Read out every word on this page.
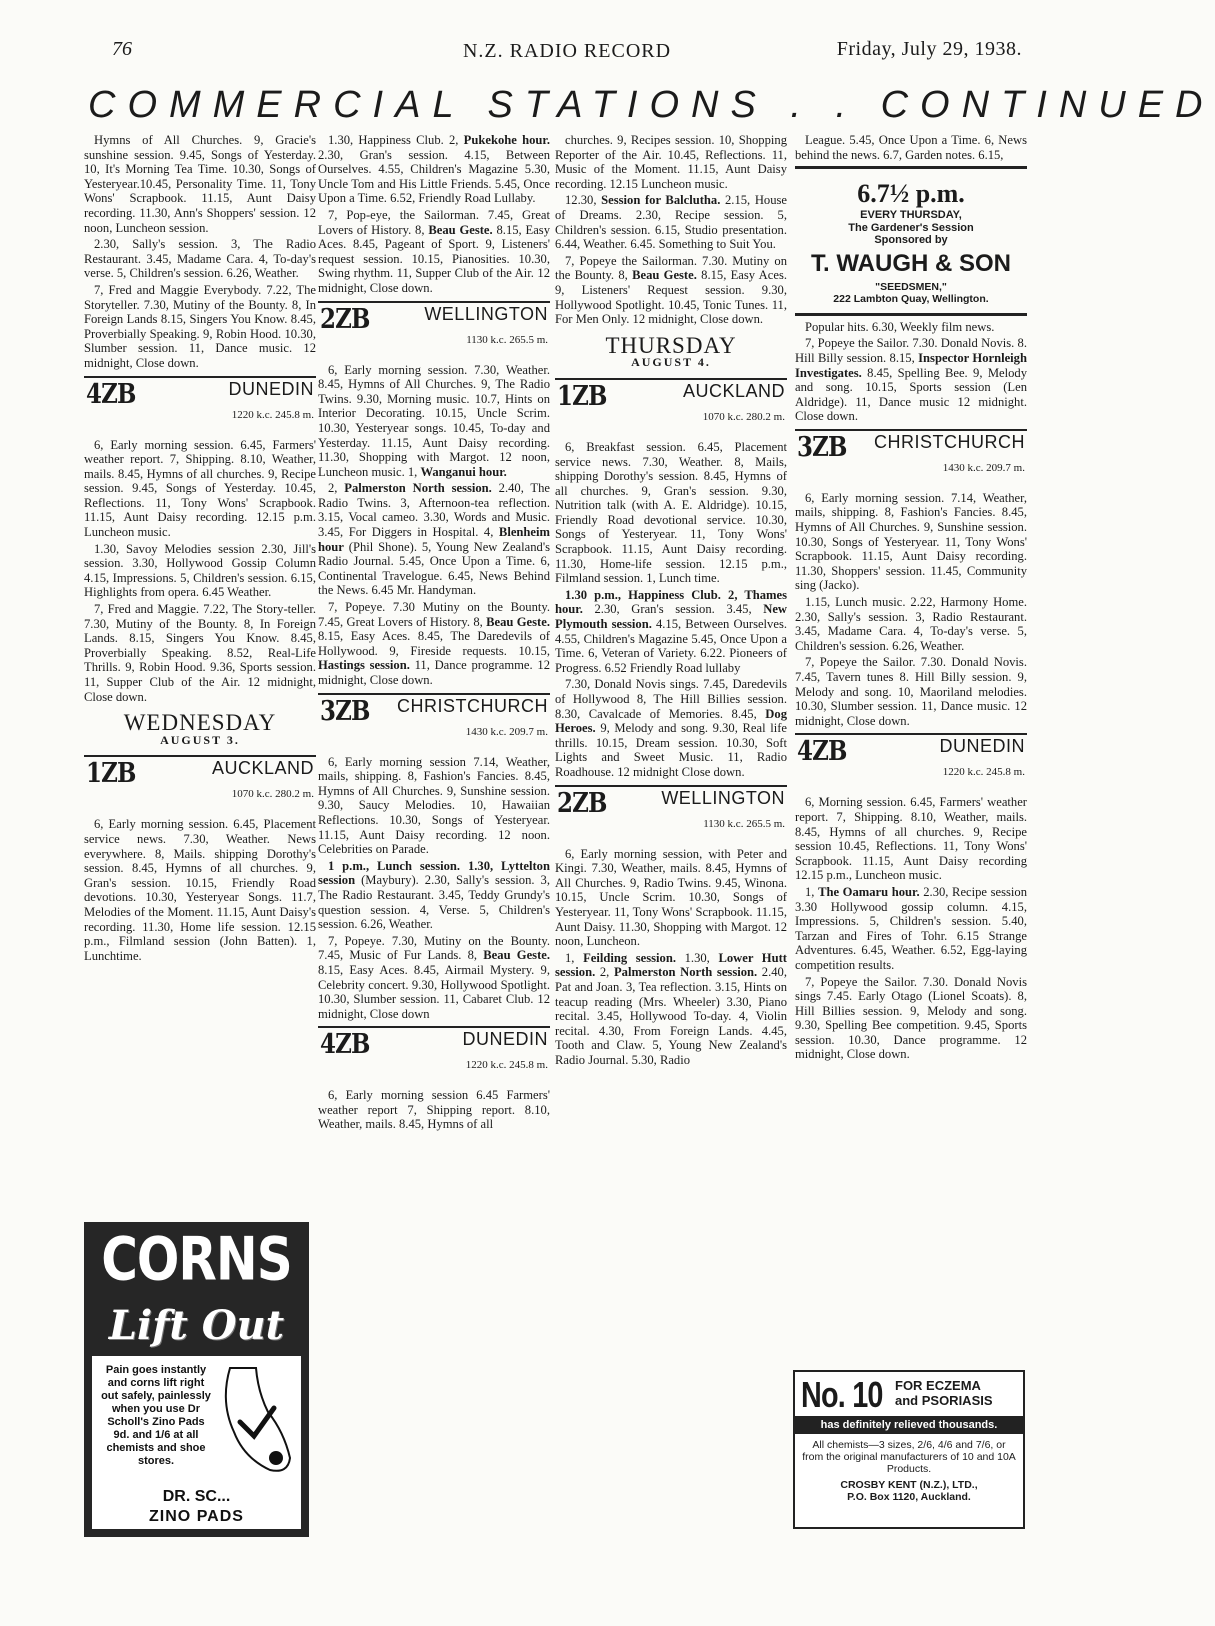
76	N.Z. RADIO RECORD	Friday, July 29, 1938.
COMMERCIAL STATIONS . . CONTINUED

Hymns of All Churches. 9, Gracie's sunshine session. 9.45, Songs of Yesterday. 10, It's Morning Tea Time. 10.30, Songs of Yesteryear.10.45, Personality Time. 11, Tony Wons' Scrapbook. 11.15, Aunt Daisy recording. 11.30, Ann's Shoppers' session. 12 noon, Luncheon session.

2.30, Sally's session. 3, The Radio Restaurant. 3.45, Madame Cara. 4, To-day's verse. 5, Children's session. 6.26, Weather.

7, Fred and Maggie Everybody. 7.22, The Storyteller. 7.30, Mutiny of the Bounty. 8, In Foreign Lands 8.15, Singers You Know. 8.45, Proverbially Speaking. 9, Robin Hood. 10.30, Slumber session. 11, Dance music. 12 midnight, Close down.

4ZB	DUNEDIN
1220 k.c. 245.8 m.

6, Early morning session. 6.45, Farmers' weather report. 7, Shipping. 8.10, Weather, mails. 8.45, Hymns of all churches. 9, Recipe session. 9.45, Songs of Yesterday. 10.45, Reflections. 11, Tony Wons' Scrapbook. 11.15, Aunt Daisy recording. 12.15 p.m. Luncheon music.

1.30, Savoy Melodies session 2.30, Jill's session. 3.30, Hollywood Gossip Column 4.15, Impressions. 5, Children's session. 6.15, Highlights from opera. 6.45 Weather.

7, Fred and Maggie. 7.22, The Story-teller. 7.30, Mutiny of the Bounty. 8, In Foreign Lands. 8.15, Singers You Know. 8.45, Proverbially Speaking. 8.52, Real-Life Thrills. 9, Robin Hood. 9.36, Sports session. 11, Supper Club of the Air. 12 midnight, Close down.

WEDNESDAY
AUGUST 3.
1ZB	AUCKLAND
1070 k.c. 280.2 m.

6, Early morning session. 6.45, Placement service news. 7.30, Weather. News everywhere. 8, Mails. shipping Dorothy's session. 8.45, Hymns of all churches. 9, Gran's session. 10.15, Friendly Road devotions. 10.30, Yesteryear Songs. 11.7, Melodies of the Moment. 11.15, Aunt Daisy's recording. 11.30, Home life session. 12.15 p.m., Filmland session (John Batten). 1, Lunchtime.

1.30, Happiness Club. 2, Pukekohe hour. 2.30, Gran's session. 4.15, Between Ourselves. 4.55, Children's Magazine 5.30, Uncle Tom and His Little Friends. 5.45, Once Upon a Time. 6.52, Friendly Road Lullaby.

7, Pop-eye, the Sailorman. 7.45, Great Lovers of History. 8, Beau Geste. 8.15, Easy Aces. 8.45, Pageant of Sport. 9, Listeners' request session. 10.15, Pianosities. 10.30, Swing rhythm. 11, Supper Club of the Air. 12 midnight, Close down.

2ZB	WELLINGTON
1130 k.c. 265.5 m.

6, Early morning session. 7.30, Weather. 8.45, Hymns of All Churches. 9, The Radio Twins. 9.30, Morning music. 10.7, Hints on Interior Decorating. 10.15, Uncle Scrim. 10.30, Yesteryear songs. 10.45, To-day and Yesterday. 11.15, Aunt Daisy recording. 11.30, Shopping with Margot. 12 noon, Luncheon music. 1, Wanganui hour.

2, Palmerston North session. 2.40, The Radio Twins. 3, Afternoon-tea reflection. 3.15, Vocal cameo. 3.30, Words and Music. 3.45, For Diggers in Hospital. 4, Blenheim hour (Phil Shone). 5, Young New Zealand's Radio Journal. 5.45, Once Upon a Time. 6, Continental Travelogue. 6.45, News Behind the News. 6.45 Mr. Handyman.

7, Popeye. 7.30 Mutiny on the Bounty. 7.45, Great Lovers of History. 8, Beau Geste. 8.15, Easy Aces. 8.45, The Daredevils of Hollywood. 9, Fireside requests. 10.15, Hastings session. 11, Dance programme. 12 midnight, Close down.

3ZB CHRISTCHURCH
1430 k.c. 209.7 m.

6, Early morning session 7.14, Weather, mails, shipping. 8, Fashion's Fancies. 8.45, Hymns of All Churches. 9, Sunshine session. 9.30, Saucy Melodies. 10, Hawaiian Reflections. 10.30, Songs of Yesteryear. 11.15, Aunt Daisy recording. 12 noon. Celebrities on Parade.

1 p.m., Lunch session. 1.30, Lyttelton session (Maybury). 2.30, Sally's session. 3, The Radio Restaurant. 3.45, Teddy Grundy's question session. 4, Verse. 5, Children's session. 6.26, Weather.

7, Popeye. 7.30, Mutiny on the Bounty. 7.45, Music of Fur Lands. 8, Beau Geste. 8.15, Easy Aces. 8.45, Airmail Mystery. 9, Celebrity concert. 9.30, Hollywood Spotlight. 10.30, Slumber session. 11, Cabaret Club. 12 midnight, Close down

4ZB	DUNEDIN
1220 k.c. 245.8 m.

6, Early morning session 6.45 Farmers' weather report 7, Shipping report. 8.10, Weather, mails. 8.45, Hymns of all

churches. 9, Recipes session. 10, Shopping Reporter of the Air. 10.45, Reflections. 11, Music of the Moment. 11.15, Aunt Daisy recording. 12.15 Luncheon music.

12.30, Session for Balclutha. 2.15, House of Dreams. 2.30, Recipe session. 5, Children's session. 6.15, Studio presentation. 6.44, Weather. 6.45. Something to Suit You.

7, Popeye the Sailorman. 7.30. Mutiny on the Bounty. 8, Beau Geste. 8.15, Easy Aces. 9, Listeners' Request session. 9.30, Hollywood Spotlight. 10.45, Tonic Tunes. 11, For Men Only. 12 midnight, Close down.

THURSDAY
AUGUST 4.
1ZB	AUCKLAND
1070 k.c. 280.2 m.

6, Breakfast session. 6.45, Placement service news. 7.30, Weather. 8, Mails, shipping Dorothy's session. 8.45, Hymns of all churches. 9, Gran's session. 9.30, Nutrition talk (with A. E. Aldridge). 10.15, Friendly Road devotional service. 10.30, Songs of Yesteryear. 11, Tony Wons' Scrapbook. 11.15, Aunt Daisy recording. 11.30, Home-life session. 12.15 p.m., Filmland session. 1, Lunch time.

1.30 p.m., Happiness Club. 2, Thames hour. 2.30, Gran's session. 3.45, New Plymouth session. 4.15, Between Ourselves. 4.55, Children's Magazine 5.45, Once Upon a Time. 6, Veteran of Variety. 6.22. Pioneers of Progress. 6.52 Friendly Road lullaby

7.30, Donald Novis sings. 7.45, Daredevils of Hollywood 8, The Hill Billies session. 8.30, Cavalcade of Memories. 8.45, Dog Heroes. 9, Melody and song. 9.30, Real life thrills. 10.15, Dream session. 10.30, Soft Lights and Sweet Music. 11, Radio Roadhouse. 12 midnight Close down.

2ZB	WELLINGTON
1130 k.c. 265.5 m.

6, Early morning session, with Peter and Kingi. 7.30, Weather, mails. 8.45, Hymns of All Churches. 9, Radio Twins. 9.45, Winona. 10.15, Uncle Scrim. 10.30, Songs of Yesteryear. 11, Tony Wons' Scrapbook. 11.15, Aunt Daisy. 11.30, Shopping with Margot. 12 noon, Luncheon.

1, Feilding session. 1.30, Lower Hutt session. 2, Palmerston North session. 2.40, Pat and Joan. 3, Tea reflection. 3.15, Hints on teacup reading (Mrs. Wheeler) 3.30, Piano recital. 3.45, Hollywood To-day. 4, Violin recital. 4.30, From Foreign Lands. 4.45, Tooth and Claw. 5, Young New Zealand's Radio Journal. 5.30, Radio

League. 5.45, Once Upon a Time. 6, News behind the news. 6.7, Garden notes. 6.15,

6.7½ p.m.
EVERY THURSDAY,
The Gardener's Session
Sponsored by
T. WAUGH & SON
"SEEDSMEN,"
222 Lambton Quay, Wellington.

Popular hits. 6.30, Weekly film news.

7, Popeye the Sailor. 7.30. Donald Novis. 8. Hill Billy session. 8.15, Inspector Hornleigh Investigates. 8.45, Spelling Bee. 9, Melody and song. 10.15, Sports session (Len Aldridge). 11, Dance music 12 midnight. Close down.

3ZB CHRISTCHURCH
1430 k.c. 209.7 m.

6, Early morning session. 7.14, Weather, mails, shipping. 8, Fashion's Fancies. 8.45, Hymns of All Churches. 9, Sunshine session. 10.30, Songs of Yesteryear. 11, Tony Wons' Scrapbook. 11.15, Aunt Daisy recording. 11.30, Shoppers' session. 11.45, Community sing (Jacko).

1.15, Lunch music. 2.22, Harmony Home. 2.30, Sally's session. 3, Radio Restaurant. 3.45, Madame Cara. 4, To-day's verse. 5, Children's session. 6.26, Weather.

7, Popeye the Sailor. 7.30. Donald Novis. 7.45, Tavern tunes 8. Hill Billy session. 9, Melody and song. 10, Maoriland melodies. 10.30, Slumber session. 11, Dance music. 12 midnight, Close down.

4ZB	DUNEDIN
1220 k.c. 245.8 m.

6, Morning session. 6.45, Farmers' weather report. 7, Shipping. 8.10, Weather, mails. 8.45, Hymns of all churches. 9, Recipe session 10.45, Reflections. 11, Tony Wons' Scrapbook. 11.15, Aunt Daisy recording 12.15 p.m., Luncheon music.

1, The Oamaru hour. 2.30, Recipe session 3.30 Hollywood gossip column. 4.15, Impressions. 5, Children's session. 5.40, Tarzan and Fires of Tohr. 6.15 Strange Adventures. 6.45, Weather. 6.52, Egg-laying competition results.

7, Popeye the Sailor. 7.30. Donald Novis sings 7.45. Early Otago (Lionel Scoats). 8, Hill Billies session. 9, Melody and song. 9.30, Spelling Bee competition. 9.45, Sports session. 10.30, Dance programme. 12 midnight, Close down.

CORNS
Lift Out
Pain goes instantly and corns lift right out safely, painlessly when you use Dr Scholl's Zino Pads 9d. and 1/6 at all chemists and shoe stores.
DR. SC...
ZINO PADS
No. 10 FOR ECZEMA
and PSORIASIS
has definitely relieved thousands.
All chemists—3 sizes, 2/6, 4/6 and 7/6, or from the original manufacturers of 10 and 10A Products.
CROSBY KENT (N.Z.), LTD.,
P.O. Box 1120, Auckland.
